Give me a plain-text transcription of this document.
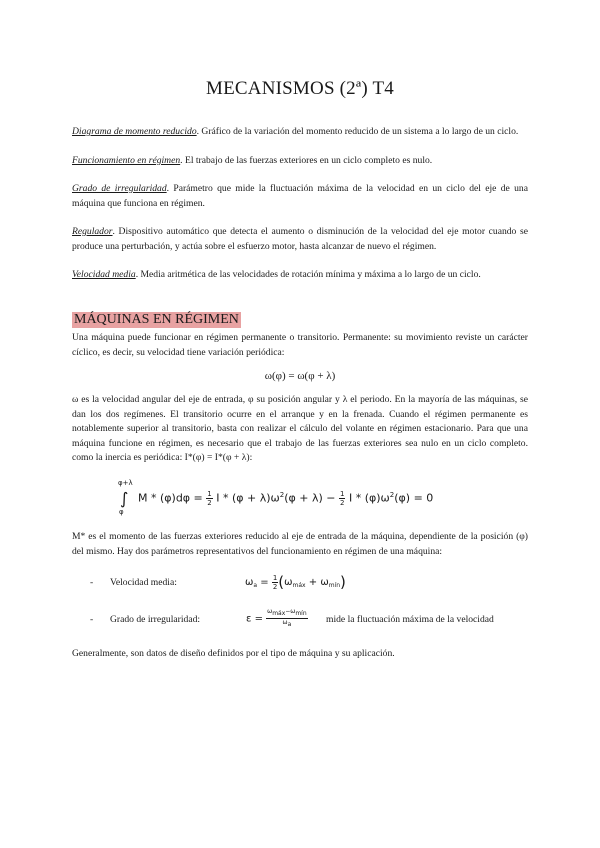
MECANISMOS (2ª) T4

Diagrama de momento reducido. Gráfico de la variación del momento reducido de un sistema a lo largo de un ciclo.

Funcionamiento en régimen. El trabajo de las fuerzas exteriores en un ciclo completo es nulo.

Grado de irregularidad. Parámetro que mide la fluctuación máxima de la velocidad en un ciclo del eje de una máquina que funciona en régimen.

Regulador. Dispositivo automático que detecta el aumento o disminución de la velocidad del eje motor cuando se produce una perturbación, y actúa sobre el esfuerzo motor, hasta alcanzar de nuevo el régimen.

Velocidad media. Media aritmética de las velocidades de rotación mínima y máxima a lo largo de un ciclo.

MÁQUINAS EN RÉGIMEN

Una máquina puede funcionar en régimen permanente o transitorio. Permanente: su movimiento reviste un carácter cíclico, es decir, su velocidad tiene variación periódica:

ω(φ) = ω(φ + λ)

ω es la velocidad angular del eje de entrada, φ su posición angular y λ el periodo. En la mayoría de las máquinas, se dan los dos regímenes. El transitorio ocurre en el arranque y en la frenada. Cuando el régimen permanente es notablemente superior al transitorio, basta con realizar el cálculo del volante en régimen estacionario. Para que una máquina funcione en régimen, es necesario que el trabajo de las fuerzas exteriores sea nulo en un ciclo completo. como la inercia es periódica: I*(φ) = I*(φ + λ):

φ+λ
∫
φ
$M * (\varphi)d\varphi = \frac{1}{2}$ $I * (\varphi + \lambda)\omega^2(\varphi + \lambda) - \frac{1}{2}$ $I * (\varphi)\omega^2(\varphi) = 0$

M* es el momento de las fuerzas exteriores reducido al eje de entrada de la máquina, dependiente de la posición (φ) del mismo. Hay dos parámetros representativos del funcionamiento en régimen de una máquina:

- Velocidad media:	$\omega_a = \frac{1}{2} (\omega_{máx} + \omega_{mín})$
- Grado de irregularidad:	$\varepsilon = \frac{\text{ωmáx−ωmín}}{\omega a}$ mide la fluctuación máxima de la velocidad

Generalmente, son datos de diseño definidos por el tipo de máquina y su aplicación.
